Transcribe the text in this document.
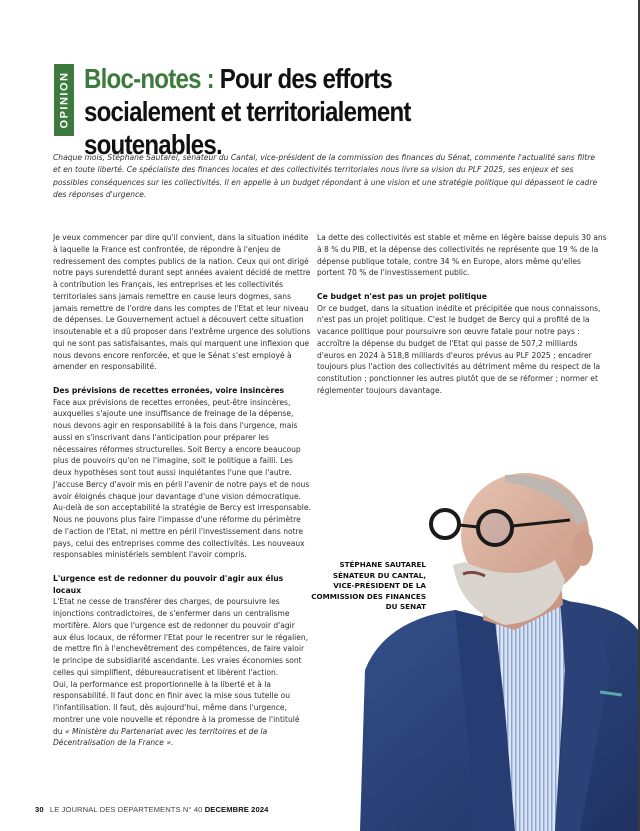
OPINION Bloc-notes : Pour des efforts socialement et territorialement soutenables.

Chaque mois, Stéphane Sautarel, sénateur du Cantal, vice-président de la commission des finances du Sénat, commente l'actualité sans filtre et en toute liberté. Ce spécialiste des finances locales et des collectivités territoriales nous livre sa vision du PLF 2025, ses enjeux et ses possibles conséquences sur les collectivités. Il en appelle à un budget répondant à une vision et une stratégie politique qui dépassent le cadre des réponses d'urgence.

Je veux commencer par dire qu'il convient, dans la situation inédite à laquelle la France est confrontée, de répondre à l'enjeu de redressement des comptes publics de la nation. Ceux qui ont dirigé notre pays surendetté durant sept années avaient décidé de mettre à contribution les Français, les entreprises et les collectivités territoriales sans jamais remettre en cause leurs dogmes, sans jamais remettre de l'ordre dans les comptes de l'Etat et leur niveau de dépenses. Le Gouvernement actuel a découvert cette situation insoutenable et a dû proposer dans l'extrême urgence des solutions qui ne sont pas satisfaisantes, mais qui marquent une inflexion que nous devons encore renforcée, et que le Sénat s'est employé à amender en responsabilité.

Des prévisions de recettes erronées, voire insincères

Face aux prévisions de recettes erronées, peut-être insincères, auxquelles s'ajoute une insuffisance de freinage de la dépense, nous devons agir en responsabilité à la fois dans l'urgence, mais aussi en s'inscrivant dans l'anticipation pour préparer les nécessaires réformes structurelles. Soit Bercy a encore beaucoup plus de pouvoirs qu'on ne l'imagine, soit le politique a failli. Les deux hypothèses sont tout aussi inquiétantes l'une que l'autre. J'accuse Bercy d'avoir mis en péril l'avenir de notre pays et de nous avoir éloignés chaque jour davantage d'une vision démocratique.

Au-delà de son acceptabilité la stratégie de Bercy est irresponsable. Nous ne pouvons plus faire l'impasse d'une réforme du périmètre de l'action de l'Etat, ni mettre en péril l'investissement dans notre pays, celui des entreprises comme des collectivités. Les nouveaux responsables ministériels semblent l'avoir compris.

L'urgence est de redonner du pouvoir d'agir aux élus locaux

L'Etat ne cesse de transférer des charges, de poursuivre les injonctions contradictoires, de s'enfermer dans un centralisme mortifère. Alors que l'urgence est de redonner du pouvoir d'agir aux élus locaux, de réformer l'Etat pour le recentrer sur le régalien, de mettre fin à l'enchevêtrement des compétences, de faire valoir le principe de subsidiarité ascendante. Les vraies économies sont celles qui simplifient, débureaucratisent et libèrent l'action.

Oui, la performance est proportionnelle à la liberté et à la responsabilité. Il faut donc en finir avec la mise sous tutelle ou l'infantilisation. Il faut, dès aujourd'hui, même dans l'urgence, montrer une voie nouvelle et répondre à la promesse de l'intitulé du « Ministère du Partenariat avec les territoires et de la Décentralisation de la France ».

La dette des collectivités est stable et même en légère baisse depuis 30 ans à 8 % du PIB, et la dépense des collectivités ne représente que 19 % de la dépense publique totale, contre 34 % en Europe, alors même qu'elles portent 70 % de l'investissement public.

Ce budget n'est pas un projet politique

Or ce budget, dans la situation inédite et précipitée que nous connaissons, n'est pas un projet politique. C'est le budget de Bercy qui a profité de la vacance politique pour poursuivre son œuvre fatale pour notre pays : accroître la dépense du budget de l'Etat qui passe de 507,2 milliards d'euros en 2024 à 518,8 milliards d'euros prévus au PLF 2025 ; encadrer toujours plus l'action des collectivités au détriment même du respect de la constitution ; ponctionner les autres plutôt que de se réformer ; normer et réglementer toujours davantage.

STÉPHANE SAUTAREL
SÉNATEUR DU CANTAL,
VICE-PRÉSIDENT DE LA
COMMISSION DES FINANCES
DU SENAT
30 LE JOURNAL DES DEPARTEMENTS N° 40 DECEMBRE 2024
